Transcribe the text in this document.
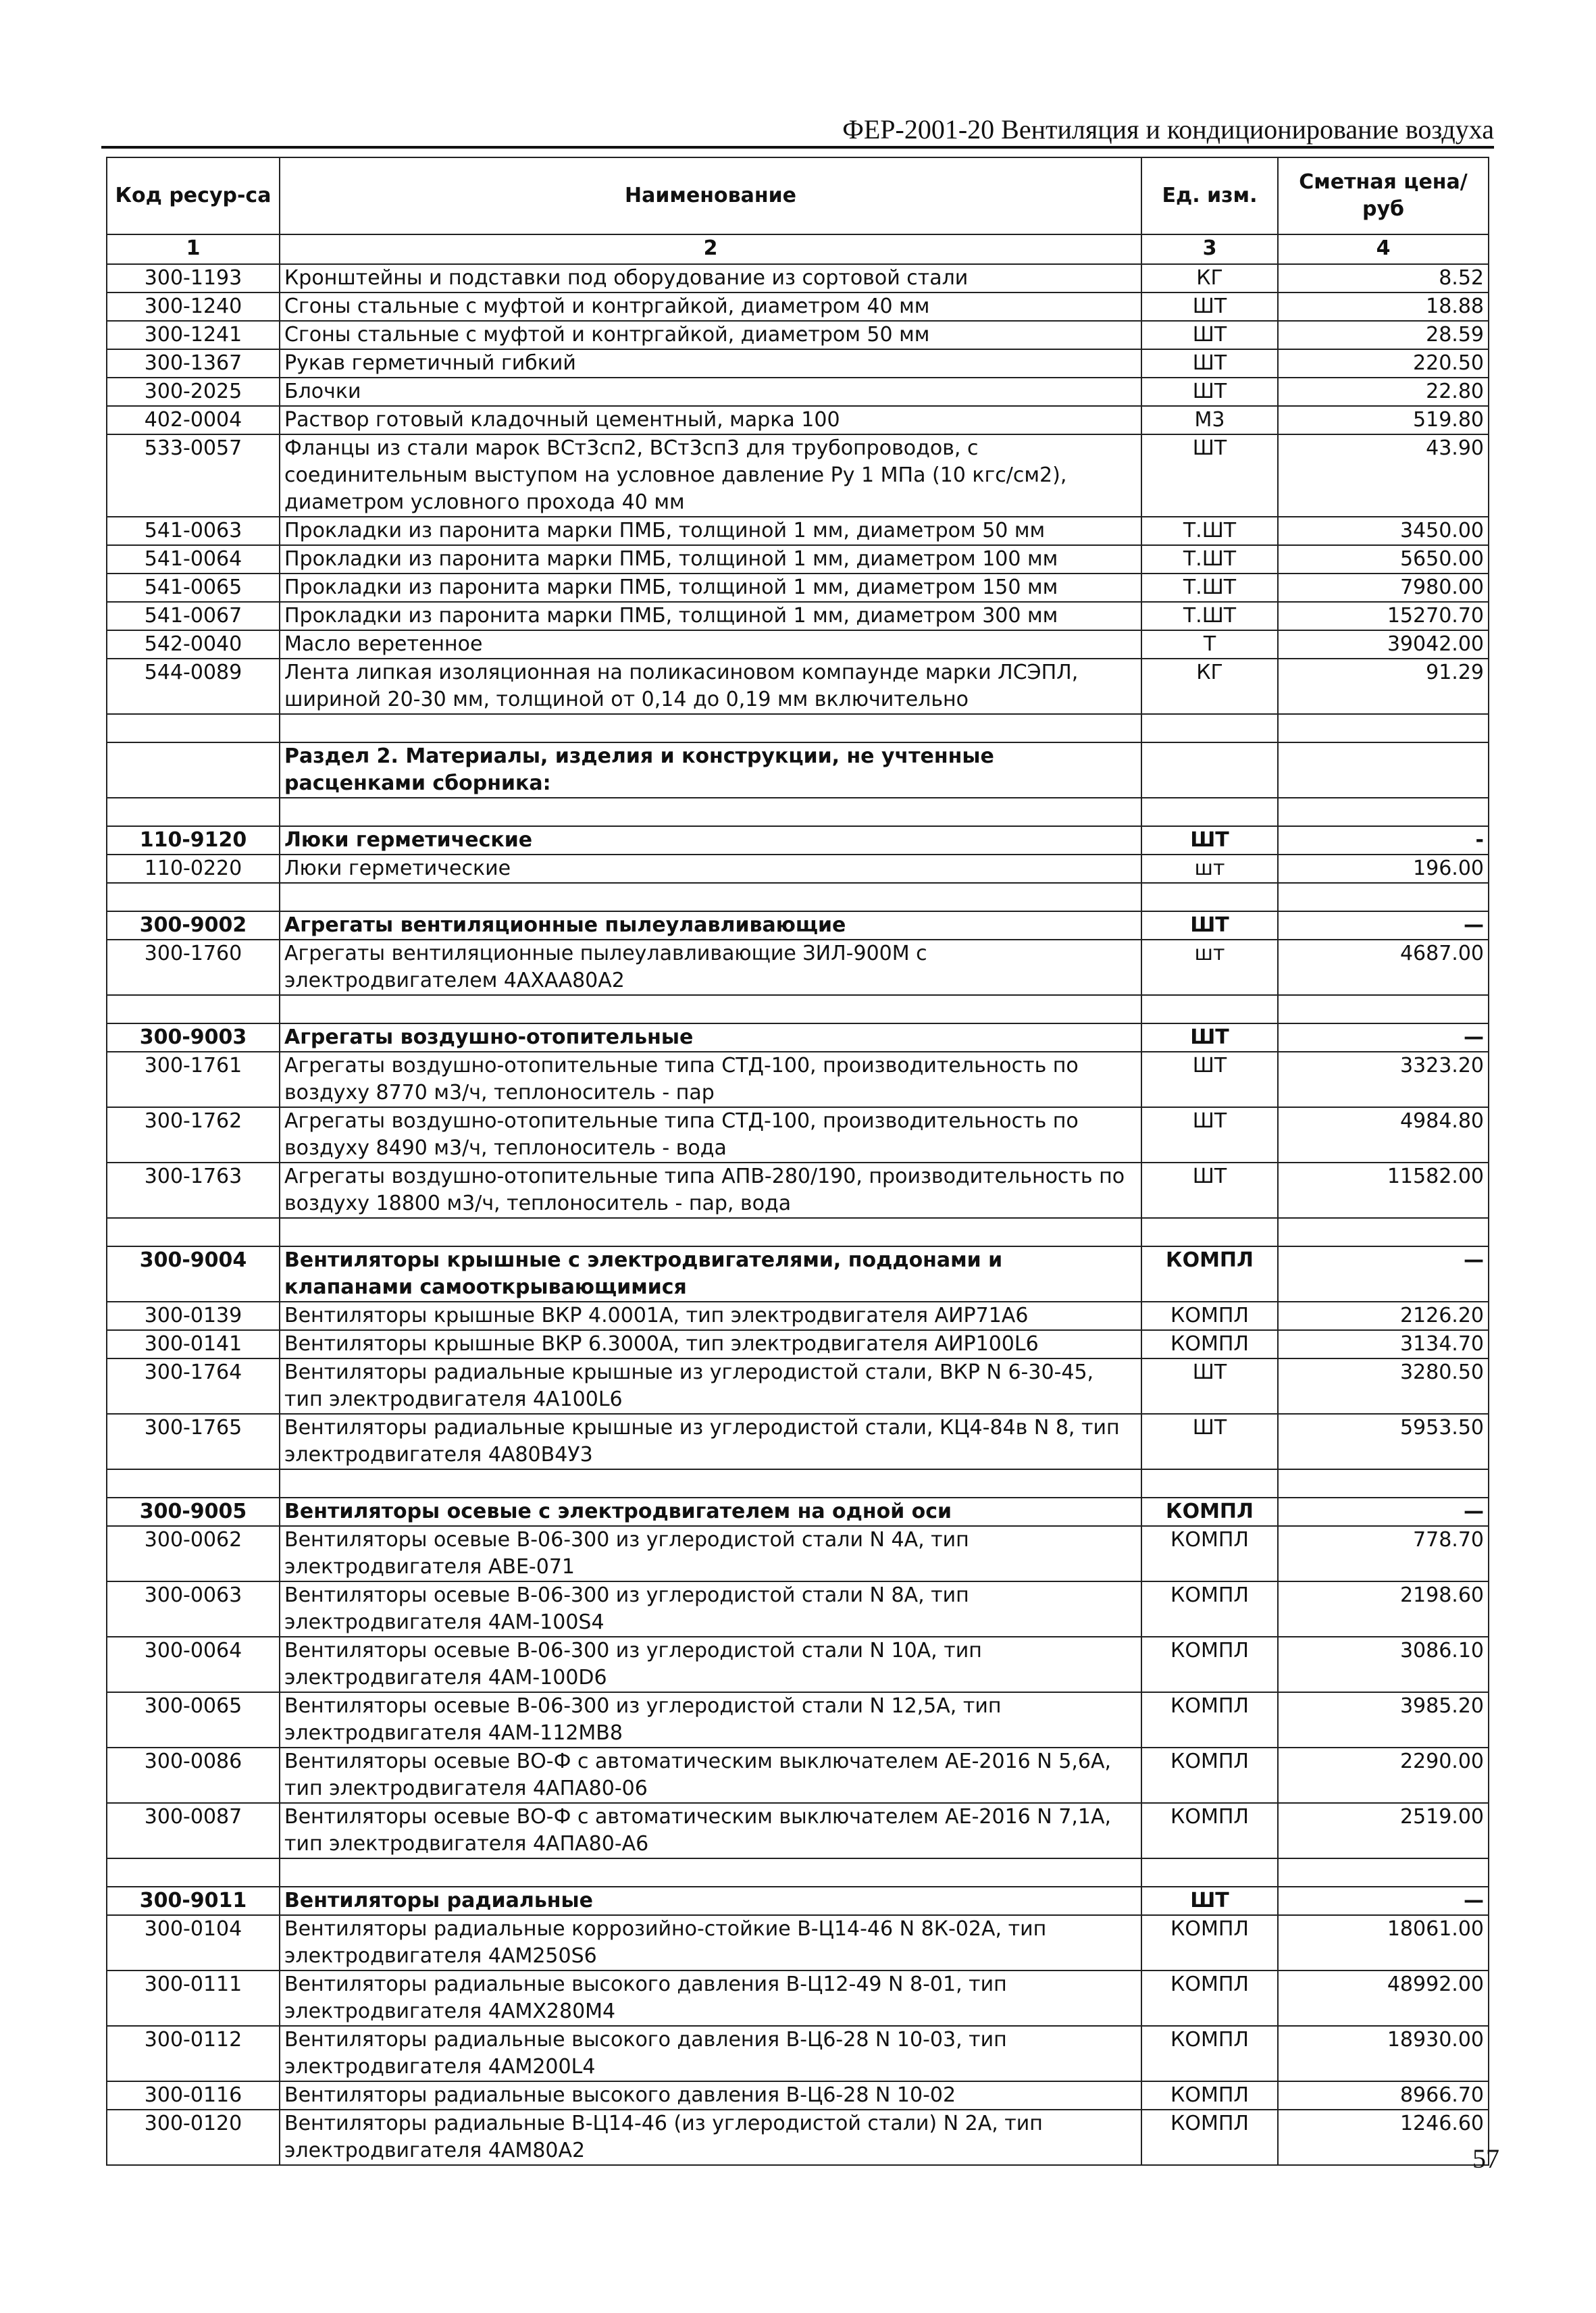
ФЕР-2001-20 Вентиляция и кондиционирование воздуха
Код ресур-са	Наименование	Ед. изм.	Сметная цена/руб
1	2	3	4
300-1193	Кронштейны и подставки под оборудование из сортовой стали	КГ	8.52
300-1240	Сгоны стальные с муфтой и контргайкой, диаметром 40 мм	ШТ	18.88
300-1241	Сгоны стальные с муфтой и контргайкой, диаметром 50 мм	ШТ	28.59
300-1367	Рукав герметичный гибкий	ШТ	220.50
300-2025	Блочки	ШТ	22.80
402-0004	Раствор готовый кладочный цементный, марка 100	М3	519.80
533-0057	Фланцы из стали марок ВСт3сп2, ВСт3сп3 для трубопроводов, с соединительным выступом на условное давление Ру 1 МПа (10 кгс/см2), диаметром условного прохода 40 мм	ШТ	43.90
541-0063	Прокладки из паронита марки ПМБ, толщиной 1 мм, диаметром 50 мм	Т.ШТ	3450.00
541-0064	Прокладки из паронита марки ПМБ, толщиной 1 мм, диаметром 100 мм	Т.ШТ	5650.00
541-0065	Прокладки из паронита марки ПМБ, толщиной 1 мм, диаметром 150 мм	Т.ШТ	7980.00
541-0067	Прокладки из паронита марки ПМБ, толщиной 1 мм, диаметром 300 мм	Т.ШТ	15270.70
542-0040	Масло веретенное	Т	39042.00
544-0089	Лента липкая изоляционная на поликасиновом компаунде марки ЛСЭПЛ, шириной 20-30 мм, толщиной от 0,14 до 0,19 мм включительно	КГ	91.29

	Раздел 2. Материалы, изделия и конструкции, не учтенные расценками сборника:		

110-9120	Люки герметические	ШТ	-
110-0220	Люки герметические	шт	196.00

300-9002	Агрегаты вентиляционные пылеулавливающие	ШТ	—
300-1760	Агрегаты вентиляционные пылеулавливающие ЗИЛ-900М с электродвигателем 4АХАА80А2	шт	4687.00

300-9003	Агрегаты воздушно-отопительные	ШТ	—
300-1761	Агрегаты воздушно-отопительные типа СТД-100, производительность по воздуху 8770 м3/ч, теплоноситель - пар	ШТ	3323.20
300-1762	Агрегаты воздушно-отопительные типа СТД-100, производительность по воздуху 8490 м3/ч, теплоноситель - вода	ШТ	4984.80
300-1763	Агрегаты воздушно-отопительные типа АПВ-280/190, производительность по воздуху 18800 м3/ч, теплоноситель - пар, вода	ШТ	11582.00

300-9004	Вентиляторы крышные с электродвигателями, поддонами и клапанами самооткрывающимися	КОМПЛ	—
300-0139	Вентиляторы крышные ВКР 4.0001А, тип электродвигателя АИР71А6	КОМПЛ	2126.20
300-0141	Вентиляторы крышные ВКР 6.3000А, тип электродвигателя АИР100L6	КОМПЛ	3134.70
300-1764	Вентиляторы радиальные крышные из углеродистой стали, ВКР N 6-30-45, тип электродвигателя 4А100L6	ШТ	3280.50
300-1765	Вентиляторы радиальные крышные из углеродистой стали, КЦ4-84в N 8, тип электродвигателя 4А80В4У3	ШТ	5953.50

300-9005	Вентиляторы осевые с электродвигателем на одной оси	КОМПЛ	—
300-0062	Вентиляторы осевые В-06-300 из углеродистой стали N 4А, тип электродвигателя АВЕ-071	КОМПЛ	778.70
300-0063	Вентиляторы осевые В-06-300 из углеродистой стали N 8А, тип электродвигателя 4АМ-100S4	КОМПЛ	2198.60
300-0064	Вентиляторы осевые В-06-300 из углеродистой стали N 10А, тип электродвигателя 4АМ-100D6	КОМПЛ	3086.10
300-0065	Вентиляторы осевые В-06-300 из углеродистой стали N 12,5А, тип электродвигателя 4АМ-112МВ8	КОМПЛ	3985.20
300-0086	Вентиляторы осевые ВО-Ф с автоматическим выключателем АЕ-2016 N 5,6А, тип электродвигателя 4АПА80-06	КОМПЛ	2290.00
300-0087	Вентиляторы осевые ВО-Ф с автоматическим выключателем АЕ-2016 N 7,1А, тип электродвигателя 4АПА80-А6	КОМПЛ	2519.00

300-9011	Вентиляторы радиальные	ШТ	—
300-0104	Вентиляторы радиальные коррозийно-стойкие В-Ц14-46 N 8К-02А, тип электродвигателя 4АМ250S6	КОМПЛ	18061.00
300-0111	Вентиляторы радиальные высокого давления В-Ц12-49 N 8-01, тип электродвигателя 4АМХ280М4	КОМПЛ	48992.00
300-0112	Вентиляторы радиальные высокого давления В-Ц6-28 N 10-03, тип электродвигателя 4АМ200L4	КОМПЛ	18930.00
300-0116	Вентиляторы радиальные высокого давления В-Ц6-28 N 10-02	КОМПЛ	8966.70
300-0120	Вентиляторы радиальные В-Ц14-46 (из углеродистой стали) N 2А, тип электродвигателя 4АМ80А2	КОМПЛ	1246.60
57
